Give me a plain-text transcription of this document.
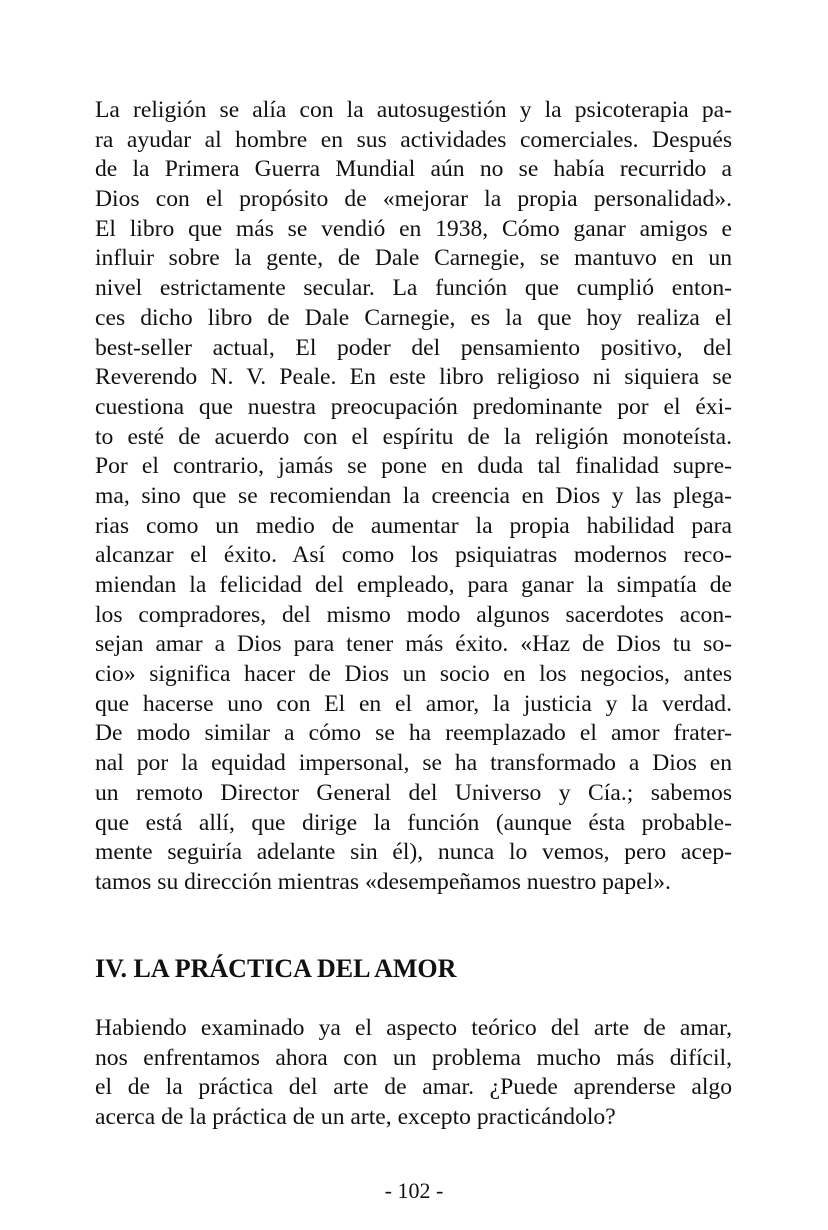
La religión se alía con la autosugestión y la psicoterapia pa-
ra ayudar al hombre en sus actividades comerciales. Después
de la Primera Guerra Mundial aún no se había recurrido a
Dios con el propósito de «mejorar la propia personalidad».
El libro que más se vendió en 1938, Cómo ganar amigos e
influir sobre la gente, de Dale Carnegie, se mantuvo en un
nivel estrictamente secular. La función que cumplió enton-
ces dicho libro de Dale Carnegie, es la que hoy realiza el
best-seller actual, El poder del pensamiento positivo, del
Reverendo N. V. Peale. En este libro religioso ni siquiera se
cuestiona que nuestra preocupación predominante por el éxi-
to esté de acuerdo con el espíritu de la religión monoteísta.
Por el contrario, jamás se pone en duda tal finalidad supre-
ma, sino que se recomiendan la creencia en Dios y las plega-
rias como un medio de aumentar la propia habilidad para
alcanzar el éxito. Así como los psiquiatras modernos reco-
miendan la felicidad del empleado, para ganar la simpatía de
los compradores, del mismo modo algunos sacerdotes acon-
sejan amar a Dios para tener más éxito. «Haz de Dios tu so-
cio» significa hacer de Dios un socio en los negocios, antes
que hacerse uno con El en el amor, la justicia y la verdad.
De modo similar a cómo se ha reemplazado el amor frater-
nal por la equidad impersonal, se ha transformado a Dios en
un remoto Director General del Universo y Cía.; sabemos
que está allí, que dirige la función (aunque ésta probable-
mente seguiría adelante sin él), nunca lo vemos, pero acep-
tamos su dirección mientras «desempeñamos nuestro papel».
IV. LA PRÁCTICA DEL AMOR
Habiendo examinado ya el aspecto teórico del arte de amar,
nos enfrentamos ahora con un problema mucho más difícil,
el de la práctica del arte de amar. ¿Puede aprenderse algo
acerca de la práctica de un arte, excepto practicándolo?
- 102 -
